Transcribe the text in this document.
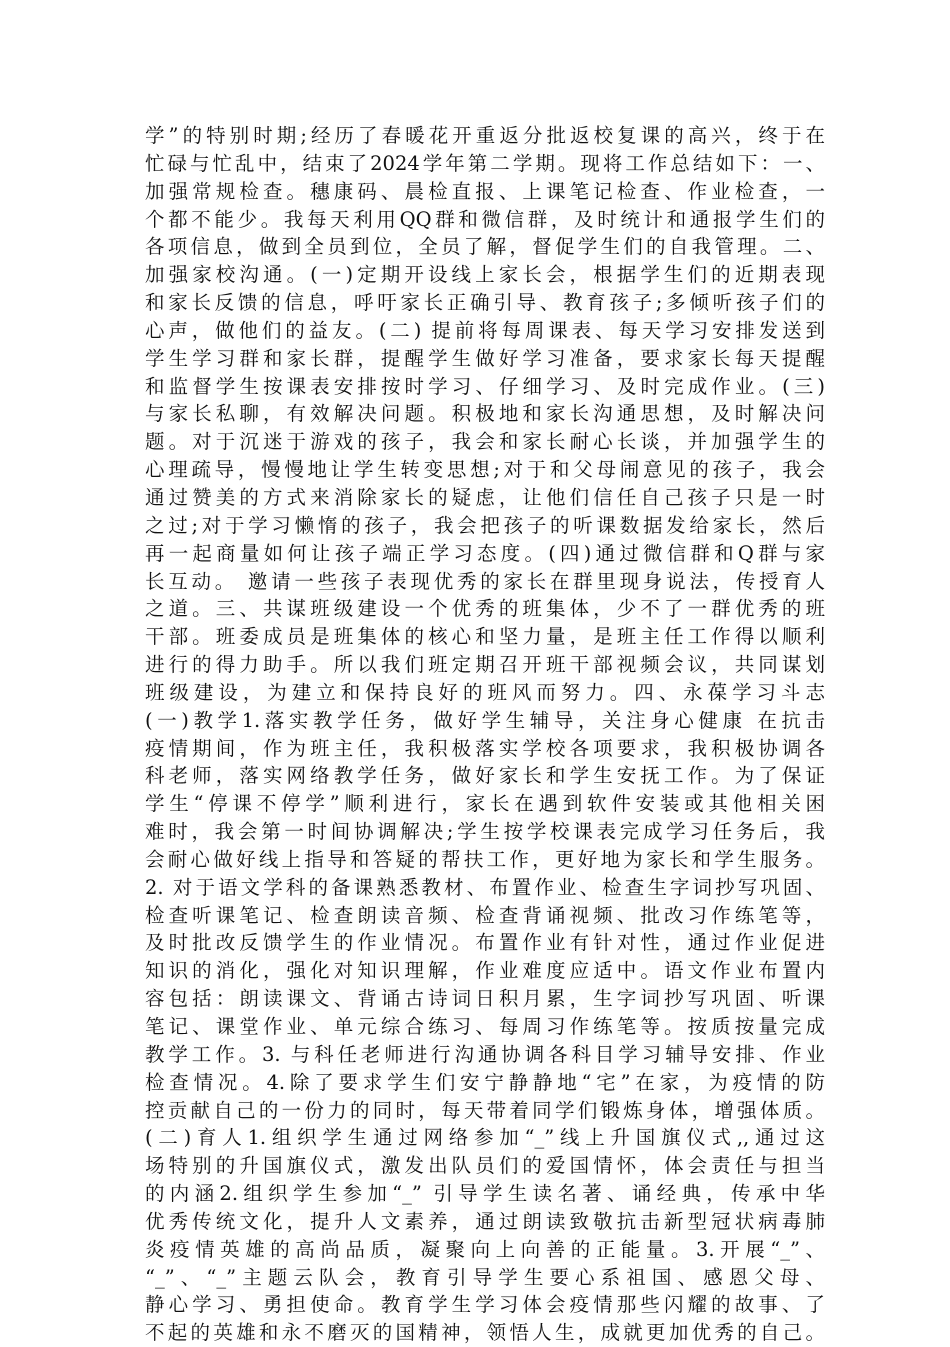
学”的特别时期;经历了春暖花开重返分批返校复课的高兴，终于在
忙碌与忙乱中，结束了2024学年第二学期。现将工作总结如下：一、
加强常规检查。穗康码、晨检直报、上课笔记检查、作业检查，一
个都不能少。我每天利用QQ群和微信群，及时统计和通报学生们的
各项信息，做到全员到位，全员了解，督促学生们的自我管理。二、
加强家校沟通。(一)定期开设线上家长会，根据学生们的近期表现
和家长反馈的信息，呼吁家长正确引导、教育孩子;多倾听孩子们的
心声，做他们的益友。(二) 提前将每周课表、每天学习安排发送到
学生学习群和家长群，提醒学生做好学习准备，要求家长每天提醒
和监督学生按课表安排按时学习、仔细学习、及时完成作业。(三)
与家长私聊，有效解决问题。积极地和家长沟通思想，及时解决问
题。对于沉迷于游戏的孩子，我会和家长耐心长谈，并加强学生的
心理疏导，慢慢地让学生转变思想;对于和父母闹意见的孩子，我会
通过赞美的方式来消除家长的疑虑，让他们信任自己孩子只是一时
之过;对于学习懒惰的孩子，我会把孩子的听课数据发给家长，然后
再一起商量如何让孩子端正学习态度。(四)通过微信群和Q群与家
长互动。 邀请一些孩子表现优秀的家长在群里现身说法，传授育人
之道。三、共谋班级建设一个优秀的班集体，少不了一群优秀的班
干部。班委成员是班集体的核心和坚力量，是班主任工作得以顺利
进行的得力助手。所以我们班定期召开班干部视频会议，共同谋划
班级建设，为建立和保持良好的班风而努力。四、永葆学习斗志
(一)教学1.落实教学任务，做好学生辅导，关注身心健康 在抗击
疫情期间，作为班主任，我积极落实学校各项要求，我积极协调各
科老师，落实网络教学任务，做好家长和学生安抚工作。为了保证
学生“停课不停学”顺利进行，家长在遇到软件安装或其他相关困
难时，我会第一时间协调解决;学生按学校课表完成学习任务后，我
会耐心做好线上指导和答疑的帮扶工作，更好地为家长和学生服务。
2. 对于语文学科的备课熟悉教材、布置作业、检查生字词抄写巩固、
检查听课笔记、检查朗读音频、检查背诵视频、批改习作练笔等，
及时批改反馈学生的作业情况。布置作业有针对性，通过作业促进
知识的消化，强化对知识理解，作业难度应适中。语文作业布置内
容包括：朗读课文、背诵古诗词日积月累，生字词抄写巩固、听课
笔记、课堂作业、单元综合练习、每周习作练笔等。按质按量完成
教学工作。3. 与科任老师进行沟通协调各科目学习辅导安排、作业
检查情况。4.除了要求学生们安宁静静地“宅”在家，为疫情的防
控贡献自己的一份力的同时，每天带着同学们锻炼身体，增强体质。
(二)育人1.组织学生通过网络参加“_”线上升国旗仪式,,通过这
场特别的升国旗仪式，激发出队员们的爱国情怀，体会责任与担当
的内涵2.组织学生参加“_” 引导学生读名著、诵经典，传承中华
优秀传统文化，提升人文素养，通过朗读致敬抗击新型冠状病毒肺
炎疫情英雄的高尚品质，凝聚向上向善的正能量。3.开展“_”、
“_”、“_”主题云队会，教育引导学生要心系祖国、感恩父母、
静心学习、勇担使命。教育学生学习体会疫情那些闪耀的故事、了
不起的英雄和永不磨灭的国精神，领悟人生，成就更加优秀的自己。
